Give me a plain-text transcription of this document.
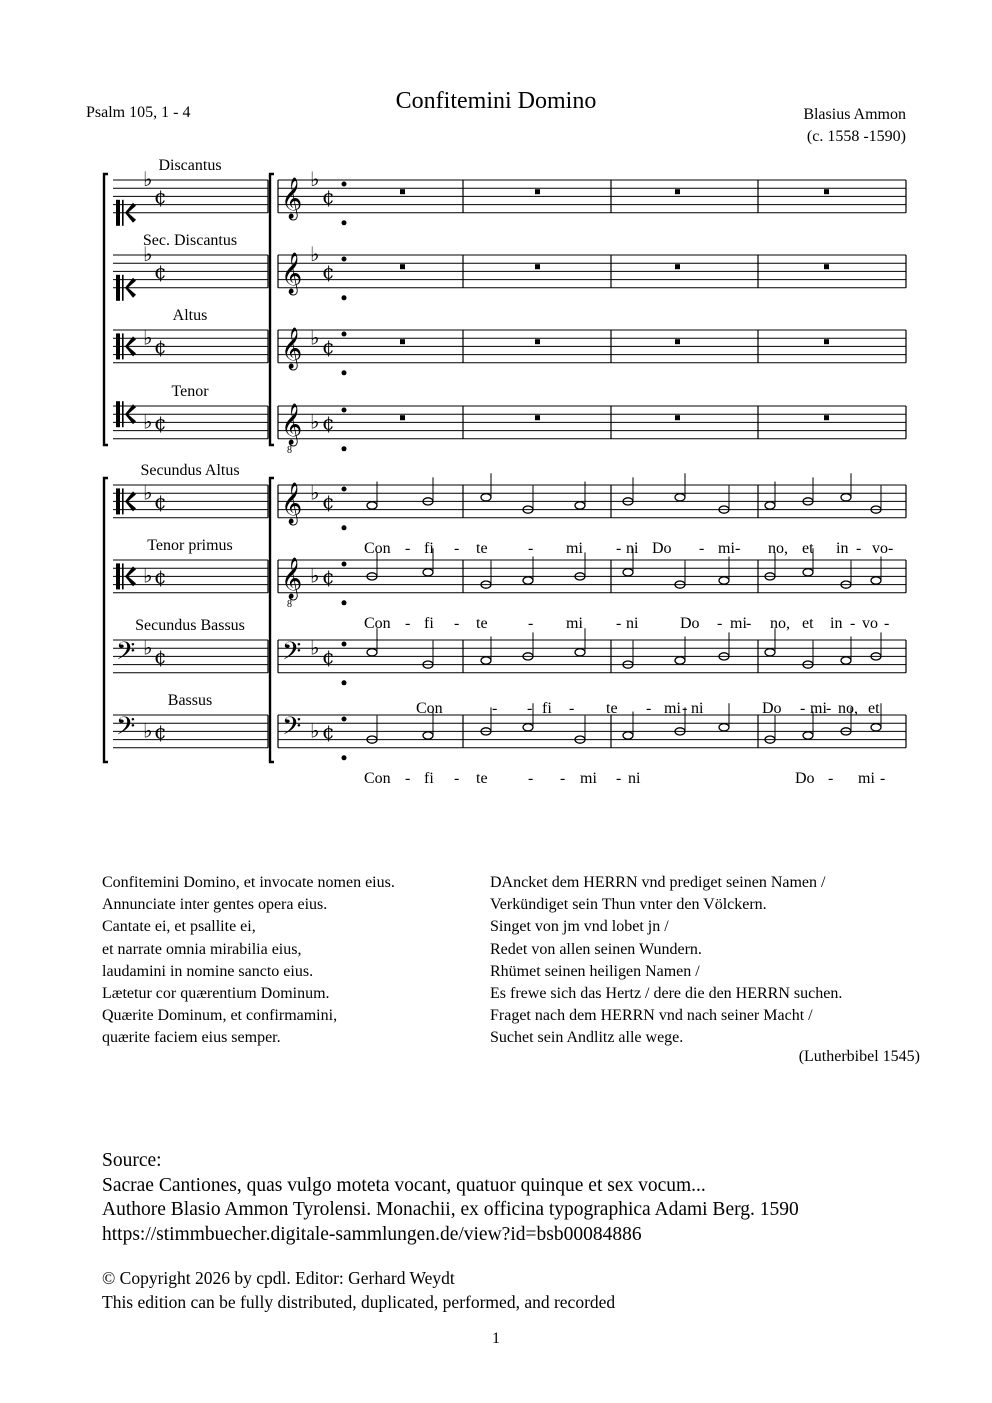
Confitemini Domino
Psalm 105, 1 - 4	Blasius Ammon
(c. 1558 -1590)
Discantus
Sec. Discantus
Altus
Tenor
Secundus Altus
Tenor primus
Secundus Bassus
Bassus
♭
¢	𝄞 ♭
¢
♭
¢	𝄞 ♭
¢
♭ ¢	𝄞 ♭ ¢
♭ ¢	𝄞
8
♭ ¢
♭ ¢	𝄞 ♭ ¢
♭ ¢	𝄞
8
♭ ¢
𝄢 ♭ ¢	𝄢 ♭ ¢
𝄢 ♭ ¢	𝄢 ♭ ¢
Con - fi - te	- mi - ni Do - mi - no, et in - vo -
Con - fi - te	- mi - ni	Do - mi - no, et in - vo -
Con	- - fi - te - mi - ni	Do - mi - no, et
Con - fi - te	- - mi - ni	Do - mi -
Confitemini Domino, et invocate nomen eius.
Annunciate inter gentes opera eius.
Cantate ei, et psallite ei,
et narrate omnia mirabilia eius,
laudamini in nomine sancto eius.
Lætetur cor quærentium Dominum.
Quærite Dominum, et confirmamini,
quærite faciem eius semper.
DAncket dem HERRN vnd prediget seinen Namen /
Verkündiget sein Thun vnter den Völckern.
Singet von jm vnd lobet jn /
Redet von allen seinen Wundern.
Rhümet seinen heiligen Namen /
Es frewe sich das Hertz / dere die den HERRN suchen.
Fraget nach dem HERRN vnd nach seiner Macht /
Suchet sein Andlitz alle wege.
(Lutherbibel 1545)
Source:
Sacrae Cantiones, quas vulgo moteta vocant, quatuor quinque et sex vocum...
Authore Blasio Ammon Tyrolensi. Monachii, ex officina typographica Adami Berg. 1590
https://stimmbuecher.digitale-sammlungen.de/view?id=bsb00084886
© Copyright 2026 by cpdl. Editor: Gerhard Weydt
This edition can be fully distributed, duplicated, performed, and recorded
1
